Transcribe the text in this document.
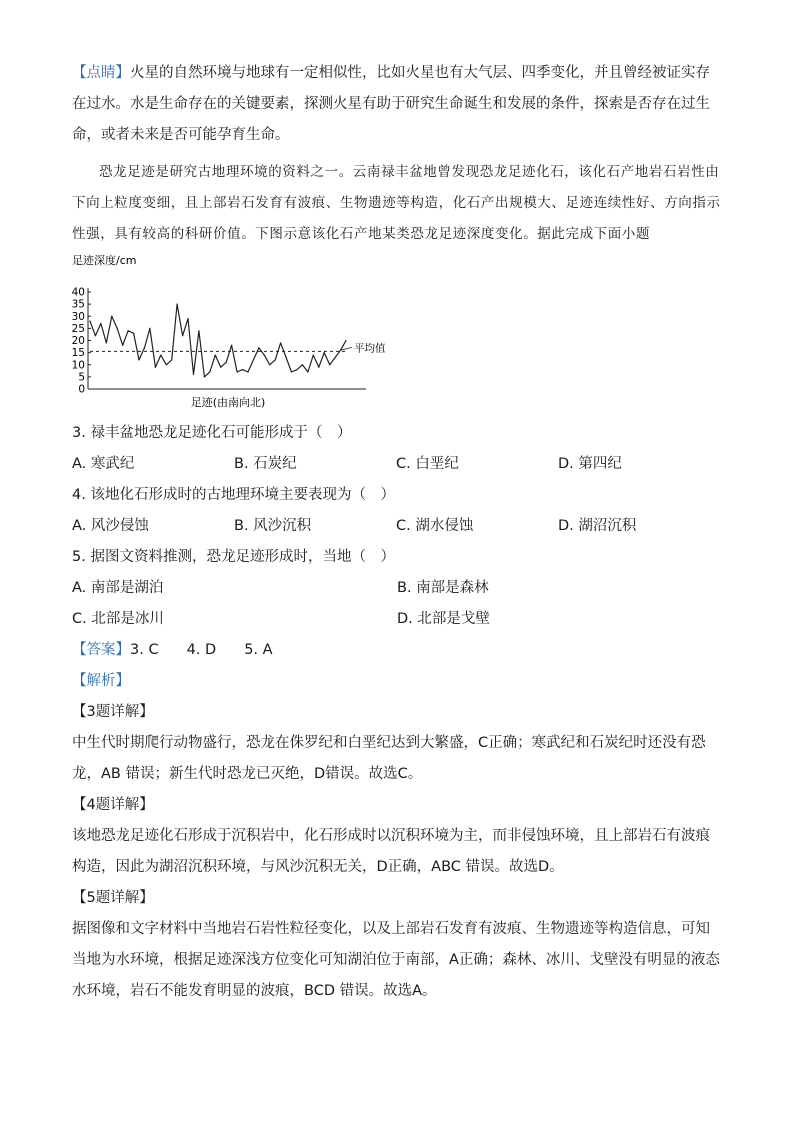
【点睛】火星的自然环境与地球有一定相似性，比如火星也有大气层、四季变化，并且曾经被证实存在过水。水是生命存在的关键要素，探测火星有助于研究生命诞生和发展的条件，探索是否存在过生命，或者未来是否可能孕育生命。

恐龙足迹是研究古地理环境的资料之一。云南禄丰盆地曾发现恐龙足迹化石，该化石产地岩石岩性由下向上粒度变细，且上部岩石发育有波痕、生物遗迹等构造，化石产出规模大、足迹连续性好、方向指示性强，具有较高的科研价值。下图示意该化石产地某类恐龙足迹深度变化。据此完成下面小题

足迹深度/cm
0
5
10
15
20
25
30
35
40
平均值
足迹(由南向北)

3. 禄丰盆地恐龙足迹化石可能形成于（　）

A. 寒武纪	B. 石炭纪	C. 白垩纪	D. 第四纪

4. 该地化石形成时的古地理环境主要表现为（　）

A. 风沙侵蚀	B. 风沙沉积	C. 湖水侵蚀	D. 湖沼沉积

5. 据图文资料推测，恐龙足迹形成时，当地（　）

A. 南部是湖泊	B. 南部是森林
C. 北部是冰川	D. 北部是戈壁

【答案】3. C 4. D 5. A

【解析】

【3题详解】

中生代时期爬行动物盛行，恐龙在侏罗纪和白垩纪达到大繁盛，C正确；寒武纪和石炭纪时还没有恐龙，AB 错误；新生代时恐龙已灭绝，D错误。故选C。

【4题详解】

该地恐龙足迹化石形成于沉积岩中，化石形成时以沉积环境为主，而非侵蚀环境，且上部岩石有波痕构造，因此为湖沼沉积环境，与风沙沉积无关，D正确，ABC 错误。故选D。

【5题详解】

据图像和文字材料中当地岩石岩性粒径变化，以及上部岩石发育有波痕、生物遗迹等构造信息，可知当地为水环境，根据足迹深浅方位变化可知湖泊位于南部，A正确；森林、冰川、戈壁没有明显的液态水环境，岩石不能发育明显的波痕，BCD 错误。故选A。
